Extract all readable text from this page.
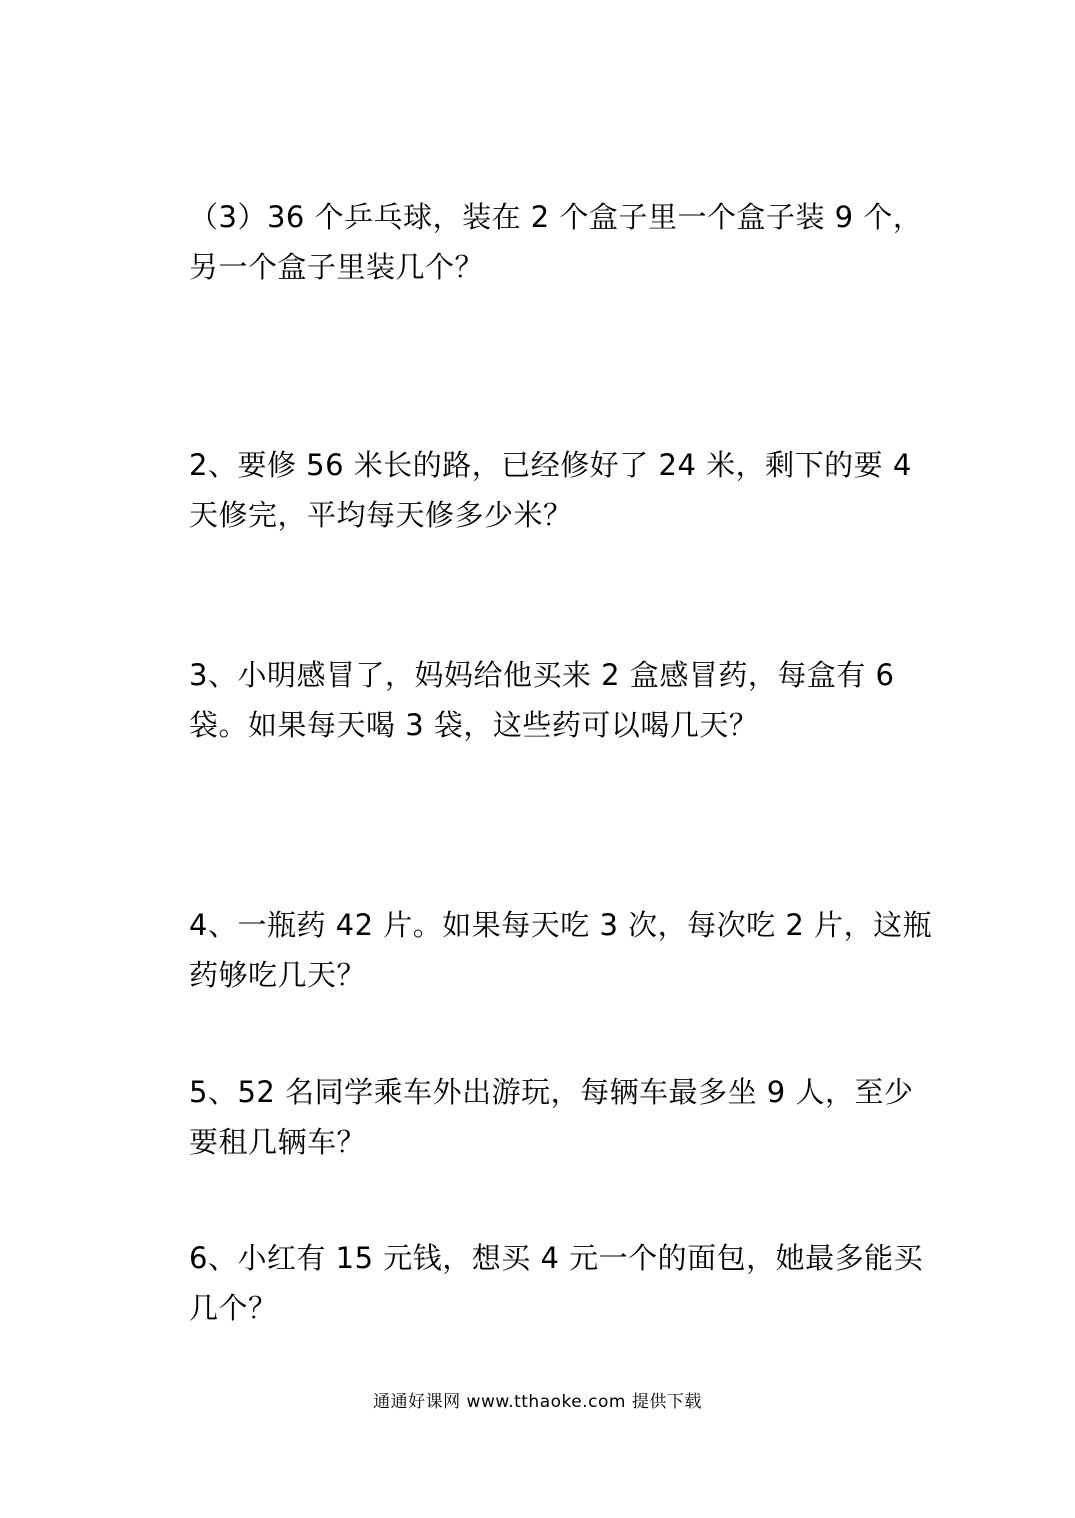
（3）36 个乒乓球，装在 2 个盒子里一个盒子装 9 个，
另一个盒子里装几个？
2、要修 56 米长的路，已经修好了 24 米，剩下的要 4
天修完，平均每天修多少米？
3、小明感冒了，妈妈给他买来 2 盒感冒药，每盒有 6
袋。如果每天喝 3 袋，这些药可以喝几天？
4、一瓶药 42 片。如果每天吃 3 次，每次吃 2 片，这瓶
药够吃几天？
5、52 名同学乘车外出游玩，每辆车最多坐 9 人，至少
要租几辆车？
6、小红有 15 元钱，想买 4 元一个的面包，她最多能买
几个？
通通好课网 www.tthaoke.com 提供下载
